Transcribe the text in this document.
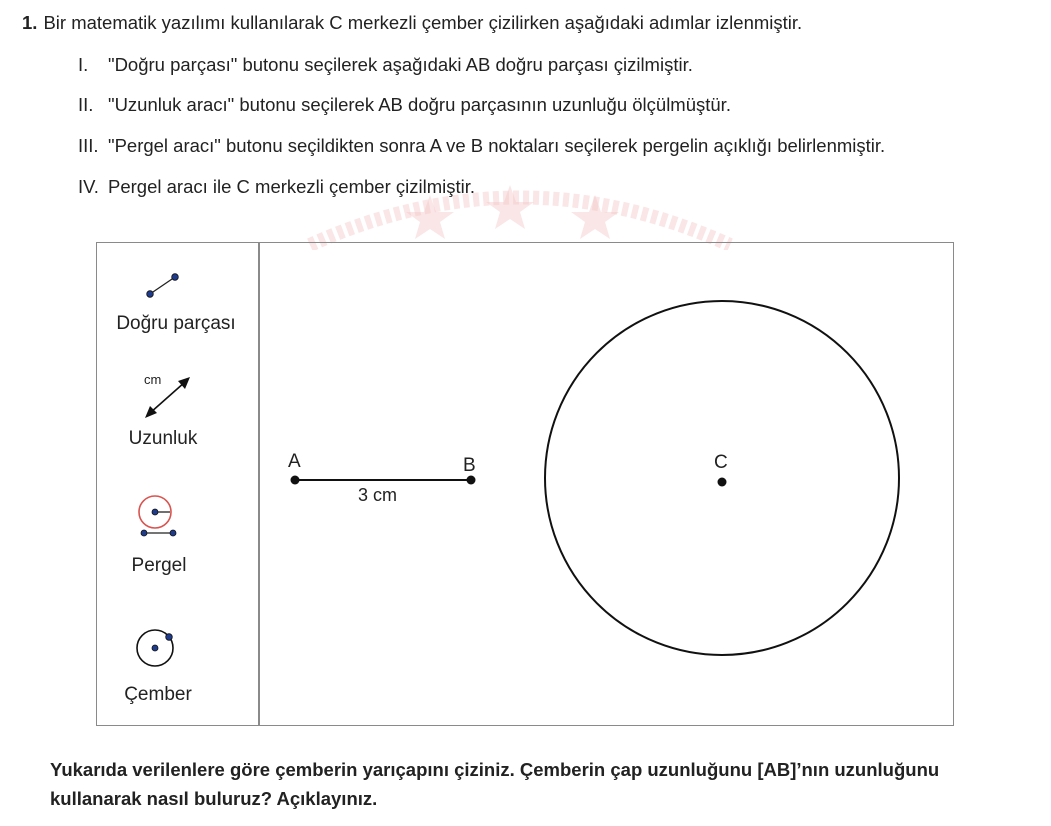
1. Bir matematik yazılımı kullanılarak C merkezli çember çizilirken aşağıdaki adımlar izlenmiştir.
I. "Doğru parçası" butonu seçilerek aşağıdaki AB doğru parçası çizilmiştir.
II. "Uzunluk aracı" butonu seçilerek AB doğru parçasının uzunluğu ölçülmüştür.
III. "Pergel aracı" butonu seçildikten sonra A ve B noktaları seçilerek pergelin açıklığı belirlenmiştir.
IV. Pergel aracı ile C merkezli çember çizilmiştir.
Doğru parçası
cm
Uzunluk
Pergel
Çember
A	B
3 cm
C
Yukarıda verilenlere göre çemberin yarıçapını çiziniz. Çemberin çap uzunluğunu [AB]’nın uzunluğunu
kullanarak nasıl buluruz? Açıklayınız.
